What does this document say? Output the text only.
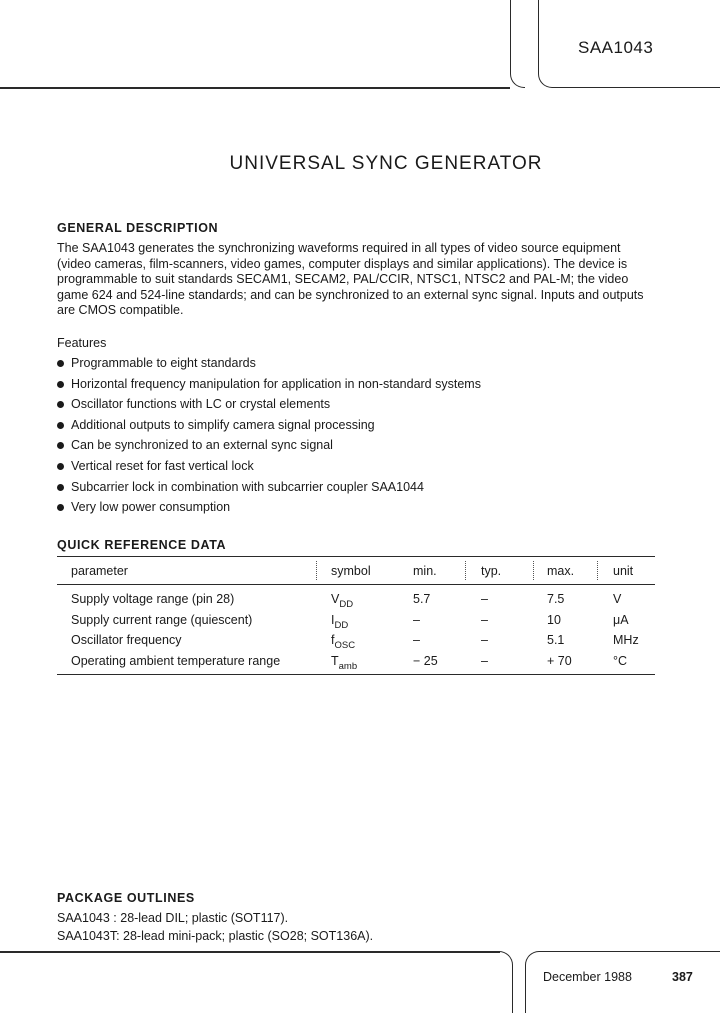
SAA1043
UNIVERSAL SYNC GENERATOR
GENERAL DESCRIPTION
The SAA1043 generates the synchronizing waveforms required in all types of video source equipment (video cameras, film-scanners, video games, computer displays and similar applications). The device is programmable to suit standards SECAM1, SECAM2, PAL/CCIR, NTSC1, NTSC2 and PAL-M; the video game 624 and 524-line standards; and can be synchronized to an external sync signal. Inputs and outputs are CMOS compatible.
Features
Programmable to eight standards
Horizontal frequency manipulation for application in non-standard systems
Oscillator functions with LC or crystal elements
Additional outputs to simplify camera signal processing
Can be synchronized to an external sync signal
Vertical reset for fast vertical lock
Subcarrier lock in combination with subcarrier coupler SAA1044
Very low power consumption
QUICK REFERENCE DATA
parameter	symbol	min.	typ.	max.	unit
Supply voltage range (pin 28)	$V_{DD}$	5.7	–	7.5	V
Supply current range (quiescent)	$I_{DD}$	–	–	10	μA
Oscillator frequency	$f_{OSC}$	–	–	5.1	MHz
Operating ambient temperature range	$T_{amb}$	− 25	–	+ 70	°C
PACKAGE OUTLINES
SAA1043 : 28-lead DIL; plastic (SOT117).
SAA1043T: 28-lead mini-pack; plastic (SO28; SOT136A).
December 1988	387
